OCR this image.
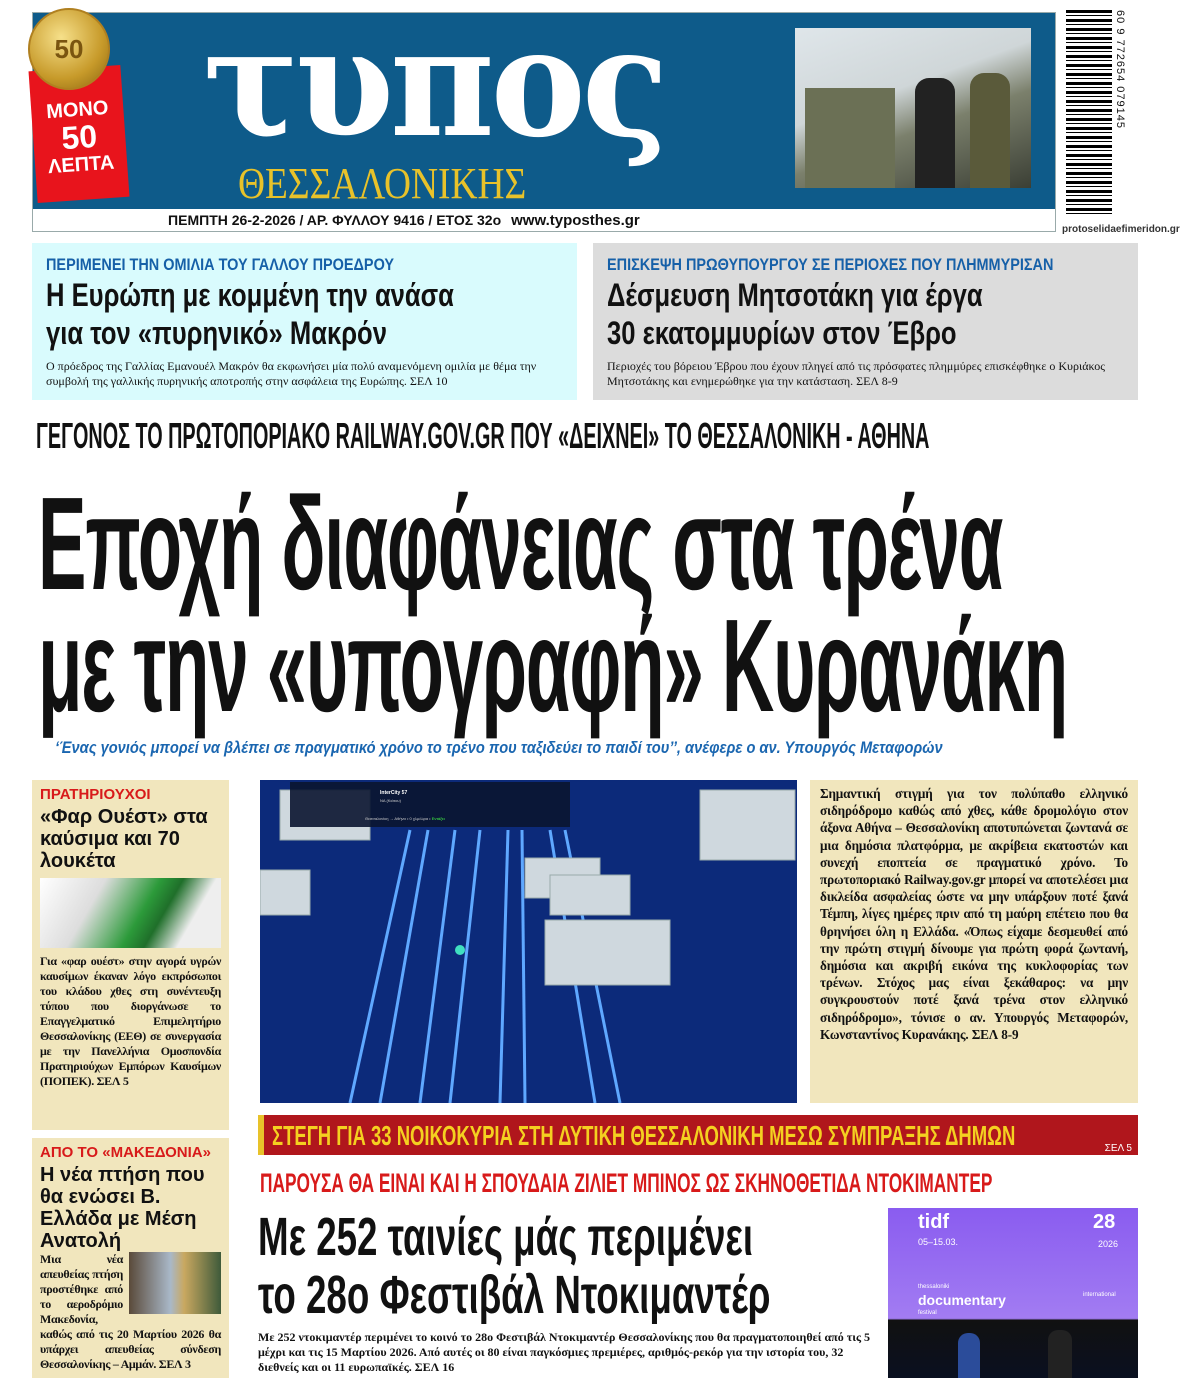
τυπος
ΘΕΣΣΑΛΟΝΙΚΗΣ
ΠΕΜΠΤΗ 26-2-2026 / ΑΡ. ΦΥΛΛΟΥ 9416 / ΕΤΟΣ 32ο www.typosthes.gr
50
ΜΟΝΟ
50
ΛΕΠΤΑ
60 9 772654 079145
protoselidaefimeridon.gr
ΠΕΡΙΜΕΝΕΙ ΤΗΝ ΟΜΙΛΙΑ ΤΟΥ ΓΑΛΛΟΥ ΠΡΟΕΔΡΟΥ
Η Ευρώπη με κομμένη την ανάσα
για τον «πυρηνικό» Μακρόν
Ο πρόεδρος της Γαλλίας Εμανουέλ Μακρόν θα εκφωνήσει μία πολύ αναμενόμενη ομιλία με θέμα την συμβολή της γαλλικής πυρηνικής αποτροπής στην ασφάλεια της Ευρώπης. ΣΕΛ 10
ΕΠΙΣΚΕΨΗ ΠΡΩΘΥΠΟΥΡΓΟΥ ΣΕ ΠΕΡΙΟΧΕΣ ΠΟΥ ΠΛΗΜΜΥΡΙΣΑΝ
Δέσμευση Μητσοτάκη για έργα
30 εκατομμυρίων στον Έβρο
Περιοχές του βόρειου Έβρου που έχουν πληγεί από τις πρόσφατες πλημμύρες επισκέφθηκε ο Κυριάκος Μητσοτάκης και ενημερώθηκε για την κατάσταση. ΣΕΛ 8-9
ΓΕΓΟΝΟΣ ΤΟ ΠΡΩΤΟΠΟΡΙΑΚΟ RAILWAY.GOV.GR ΠΟΥ «ΔΕΙΧΝΕΙ» ΤΟ ΘΕΣΣΑΛΟΝΙΚΗ - ΑΘΗΝΑ
Εποχή διαφάνειας στα τρένα
με την «υπογραφή» Κυρανάκη
‘Ένας γονιός μπορεί να βλέπει σε πραγματικό χρόνο το τρένο που ταξιδεύει το παιδί του’’, ανέφερε ο αν. Υπουργός Μεταφορών
ΠΡΑΤΗΡΙΟΥΧΟΙ
«Φαρ Ουέστ» στα καύσιμα και 70 λουκέτα
Για «φαρ ουέστ» στην αγορά υγρών καυσίμων έκαναν λόγο εκπρόσωποι του κλάδου χθες στη συνέντευξη τύπου που διοργάνωσε το Επαγγελματικό Επιμελητήριο Θεσσαλονίκης (ΕΕΘ) σε συνεργασία με την Πανελλήνια Ομοσπονδία Πρατηριούχων Εμπόρων Καυσίμων (ΠΟΠΕΚ). ΣΕΛ 5
ΑΠΟ ΤΟ «ΜΑΚΕΔΟΝΙΑ»
Η νέα πτήση που θα ενώσει Β. Ελλάδα με Μέση Ανατολή
Μια νέα απευθείας πτήση προστέθηκε από το αεροδρόμιο Μακεδονία, καθώς από τις 20 Μαρτίου 2026 θα υπάρχει απευθείας σύνδεση Θεσσαλονίκης – Αμμάν. ΣΕΛ 3
InterCity 57
ΝΑ (Κιάτου)
Θεσσαλονίκη → Αθήνα • 0 χλμ/ώρα • Εντάξει
Σημαντική στιγμή για τον πολύπαθο ελληνικό σιδηρόδρομο καθώς από χθες, κάθε δρομολόγιο στον άξονα Αθήνα – Θεσσαλονίκη αποτυπώνεται ζωντανά σε μια δημόσια πλατφόρμα, με ακρίβεια εκατοστών και συνεχή εποπτεία σε πραγματικό χρόνο. Το πρωτοποριακό Railway.gov.gr μπορεί να αποτελέσει μια δικλείδα ασφαλείας ώστε να μην υπάρξουν ποτέ ξανά Τέμπη, λίγες ημέρες πριν από τη μαύρη επέτειο που θα θρηνήσει όλη η Ελλάδα. «Όπως είχαμε δεσμευθεί από την πρώτη στιγμή δίνουμε για πρώτη φορά ζωντανή, δημόσια και ακριβή εικόνα της κυκλοφορίας των τρένων. Στόχος μας είναι ξεκάθαρος: να μην συγκρουστούν ποτέ ξανά τρένα στον ελληνικό σιδηρόδρομο», τόνισε ο αν. Υπουργός Μεταφορών, Κωνσταντίνος Κυρανάκης. ΣΕΛ 8-9
ΣΤΕΓΗ ΓΙΑ 33 ΝΟΙΚΟΚΥΡΙΑ ΣΤΗ ΔΥΤΙΚΗ ΘΕΣΣΑΛΟΝΙΚΗ ΜΕΣΩ ΣΥΜΠΡΑΞΗΣ ΔΗΜΩΝ	ΣΕΛ 5
ΠΑΡΟΥΣΑ ΘΑ ΕΙΝΑΙ ΚΑΙ Η ΣΠΟΥΔΑΙΑ ΖΙΛΙΕΤ ΜΠΙΝΟΣ ΩΣ ΣΚΗΝΟΘΕΤΙΔΑ ΝΤΟΚΙΜΑΝΤΕΡ
Με 252 ταινίες μάς περιμένει
το 28ο Φεστιβάλ Ντοκιμαντέρ
tidf
05–15.03.
28
2026
thessaloniki
documentary
festival
international
Με 252 ντοκιμαντέρ περιμένει το κοινό το 28ο Φεστιβάλ Ντοκιμαντέρ Θεσσαλονίκης που θα πραγματοποιηθεί από τις 5 μέχρι και τις 15 Μαρτίου 2026. Από αυτές οι 80 είναι παγκόσμιες πρεμιέρες, αριθμός-ρεκόρ για την ιστορία του, 32 διεθνείς και οι 11 ευρωπαϊκές. ΣΕΛ 16
